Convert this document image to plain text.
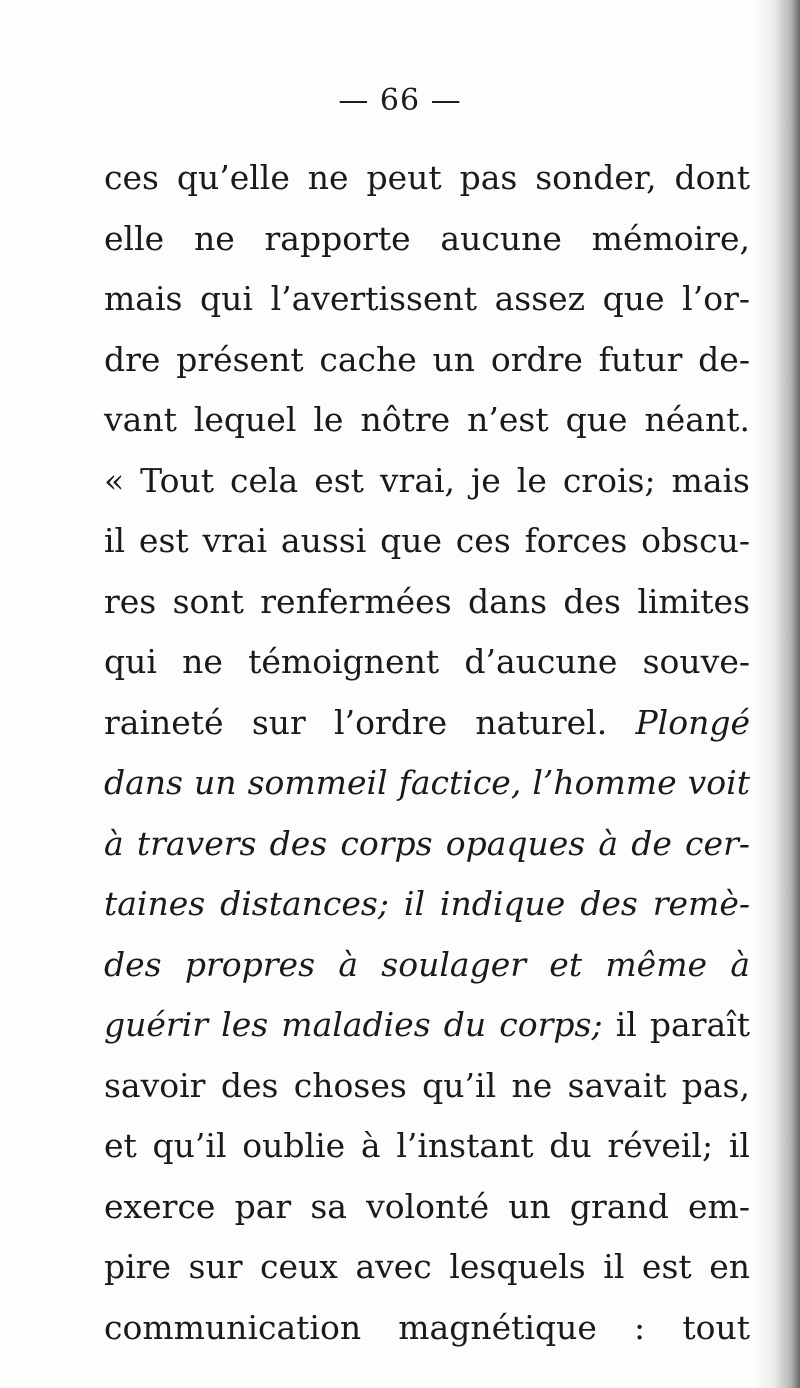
— 66 —
ces qu’elle ne peut pas sonder, dont
elle ne rapporte aucune mémoire,
mais qui l’avertissent assez que l’or-
dre présent cache un ordre futur de-
vant lequel le nôtre n’est que néant.
« Tout cela est vrai, je le crois; mais
il est vrai aussi que ces forces obscu-
res sont renfermées dans des limites
qui ne témoignent d’aucune souve-
raineté sur l’ordre naturel. Plongé
dans un sommeil factice, l’homme voit
à travers des corps opaques à de cer-
taines distances; il indique des remè-
des propres à soulager et même à
guérir les maladies du corps; il paraît
savoir des choses qu’il ne savait pas,
et qu’il oublie à l’instant du réveil; il
exerce par sa volonté un grand em-
pire sur ceux avec lesquels il est en
communication magnétique : tout
